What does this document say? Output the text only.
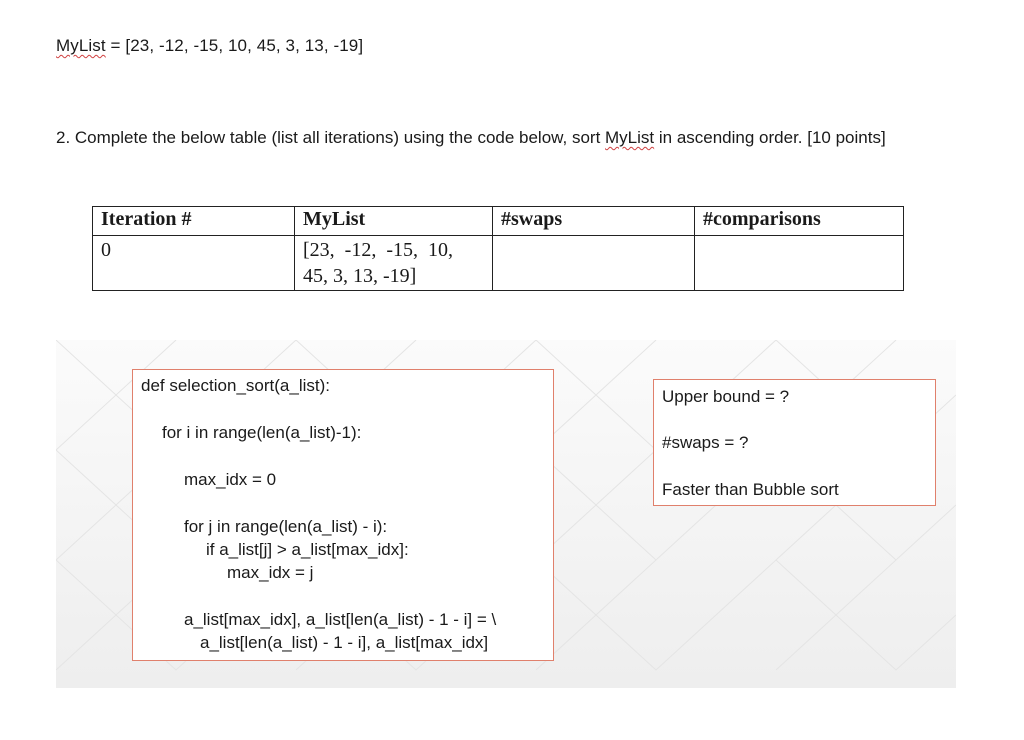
MyList = [23, -12, -15, 10, 45, 3, 13, -19]
2. Complete the below table (list all iterations) using the code below, sort MyList in ascending order. [10 points]
Iteration #	MyList	#swaps	#comparisons
0	[23,  -12,  -15,  10,
45, 3, 13, -19]		

def selection_sort(a_list):
for i in range(len(a_list)-1):
max_idx = 0
for j in range(len(a_list) - i):
if a_list[j] > a_list[max_idx]:
max_idx = j
a_list[max_idx], a_list[len(a_list) - 1 - i] = \
a_list[len(a_list) - 1 - i], a_list[max_idx]
Upper bound = ?
#swaps = ?
Faster than Bubble sort
